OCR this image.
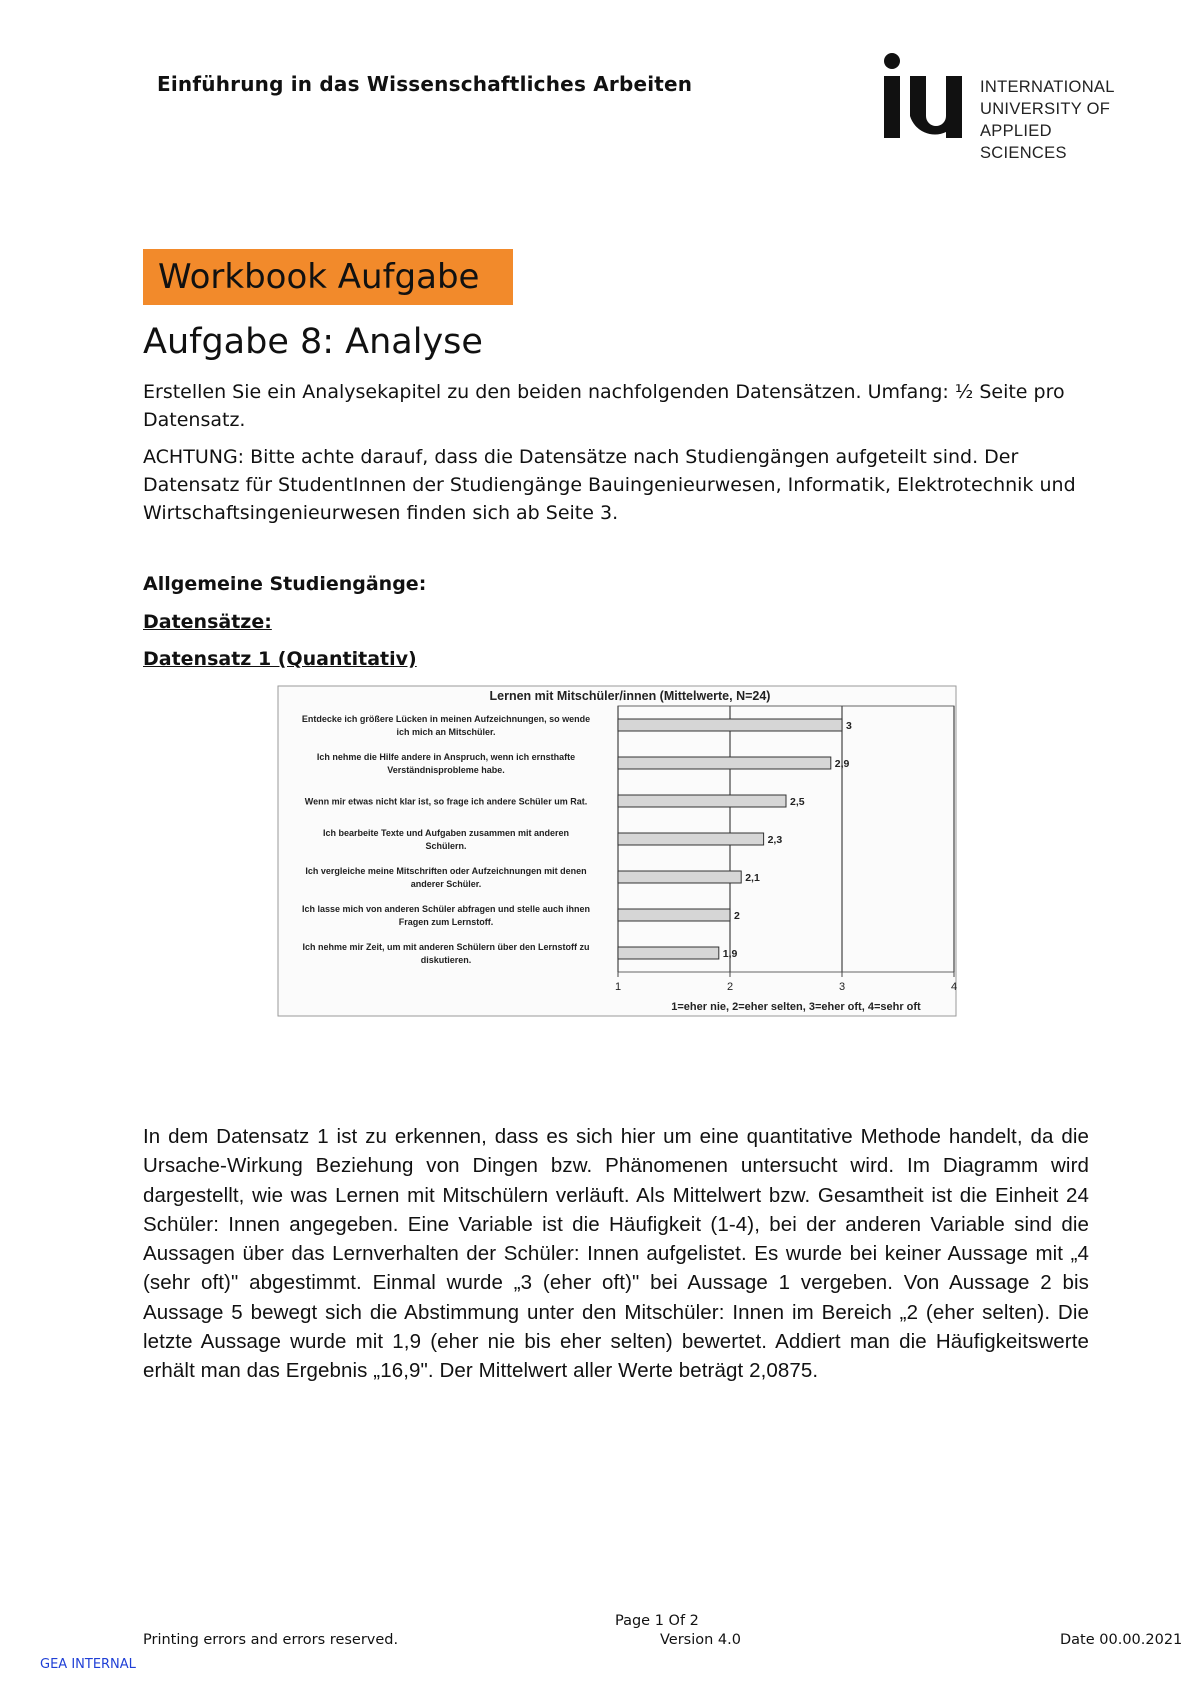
Einführung in das Wissenschaftliches Arbeiten	INTERNATIONAL
UNIVERSITY OF
APPLIED SCIENCES
Workbook Aufgabe
Aufgabe 8: Analyse
Erstellen Sie ein Analysekapitel zu den beiden nachfolgenden Datensätzen. Umfang: ½ Seite pro Datensatz.
ACHTUNG: Bitte achte darauf, dass die Datensätze nach Studiengängen aufgeteilt sind. Der Datensatz für StudentInnen der Studiengänge Bauingenieurwesen, Informatik, Elektrotechnik und Wirtschaftsingenieurwesen finden sich ab Seite 3.
Allgemeine Studiengänge:
Datensätze:
Datensatz 1 (Quantitativ)
Lernen mit Mitschüler/innen (Mittelwerte, N=24)
1	2	3	4
1=eher nie, 2=eher selten, 3=eher oft, 4=sehr oft
3
Entdecke ich größere Lücken in meinen Aufzeichnungen, so wende
ich mich an Mitschüler.
2,9
Ich nehme die Hilfe andere in Anspruch, wenn ich ernsthafte
Verständnisprobleme habe.
2,5
Wenn mir etwas nicht klar ist, so frage ich andere Schüler um Rat.
2,3
Ich bearbeite Texte und Aufgaben zusammen mit anderen
Schülern.
2,1
Ich vergleiche meine Mitschriften oder Aufzeichnungen mit denen
anderer Schüler.
2
Ich lasse mich von anderen Schüler abfragen und stelle auch ihnen
Fragen zum Lernstoff.
1,9
Ich nehme mir Zeit, um mit anderen Schülern über den Lernstoff zu
diskutieren.
In dem Datensatz 1 ist zu erkennen, dass es sich hier um eine quantitative Methode handelt, da die Ursache-Wirkung Beziehung von Dingen bzw. Phänomenen untersucht wird. Im Diagramm wird dargestellt, wie was Lernen mit Mitschülern verläuft. Als Mittelwert bzw. Gesamtheit ist die Einheit 24 Schüler: Innen angegeben. Eine Variable ist die Häufigkeit (1-4), bei der anderen Variable sind die Aussagen über das Lernverhalten der Schüler: Innen aufgelistet. Es wurde bei keiner Aussage mit „4 (sehr oft)" abgestimmt. Einmal wurde „3 (eher oft)" bei Aussage 1 vergeben. Von Aussage 2 bis Aussage 5 bewegt sich die Abstimmung unter den Mitschüler: Innen im Bereich „2 (eher selten). Die letzte Aussage wurde mit 1,9 (eher nie bis eher selten) bewertet. Addiert man die Häufigkeitswerte erhält man das Ergebnis „16,9". Der Mittelwert aller Werte beträgt 2,0875.
Page 1 Of 2
Printing errors and errors reserved.	Version 4.0	Date 00.00.2021
GEA INTERNAL
